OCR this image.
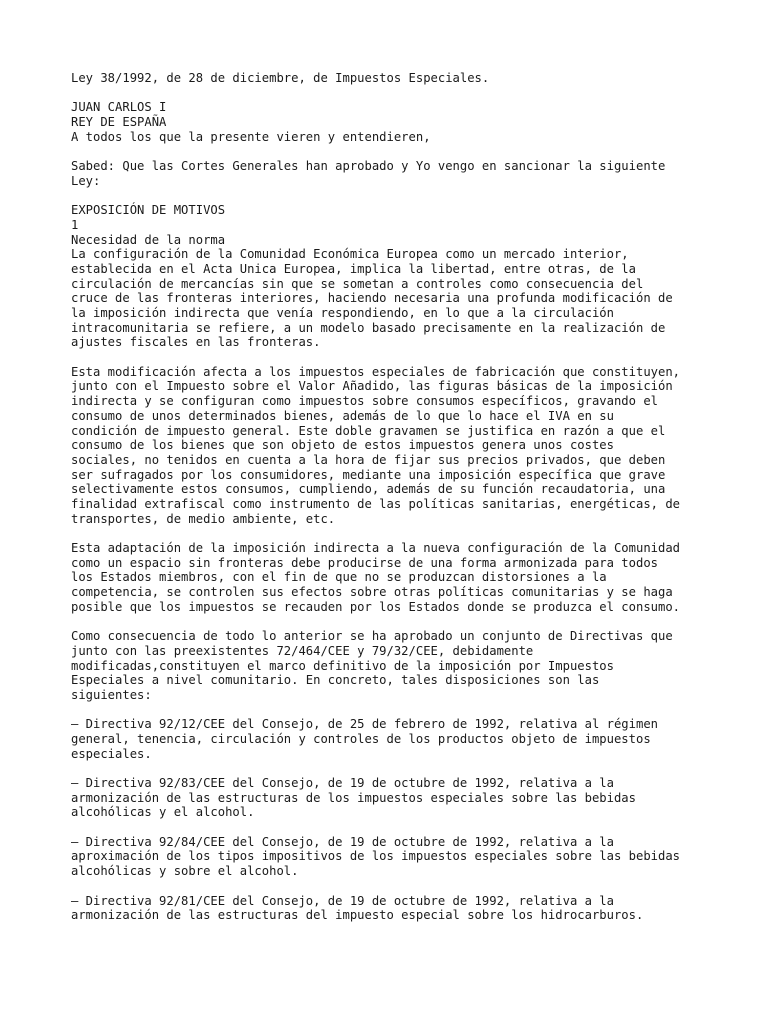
Ley 38/1992, de 28 de diciembre, de Impuestos Especiales.
JUAN CARLOS I
REY DE ESPAÑA
A todos los que la presente vieren y entendieren,
Sabed: Que las Cortes Generales han aprobado y Yo vengo en sancionar la siguiente
Ley:
EXPOSICIÓN DE MOTIVOS
1
Necesidad de la norma
La configuración de la Comunidad Económica Europea como un mercado interior,
establecida en el Acta Unica Europea, implica la libertad, entre otras, de la
circulación de mercancías sin que se sometan a controles como consecuencia del
cruce de las fronteras interiores, haciendo necesaria una profunda modificación de
la imposición indirecta que venía respondiendo, en lo que a la circulación
intracomunitaria se refiere, a un modelo basado precisamente en la realización de
ajustes fiscales en las fronteras.
Esta modificación afecta a los impuestos especiales de fabricación que constituyen,
junto con el Impuesto sobre el Valor Añadido, las figuras básicas de la imposición
indirecta y se configuran como impuestos sobre consumos específicos, gravando el
consumo de unos determinados bienes, además de lo que lo hace el IVA en su
condición de impuesto general. Este doble gravamen se justifica en razón a que el
consumo de los bienes que son objeto de estos impuestos genera unos costes
sociales, no tenidos en cuenta a la hora de fijar sus precios privados, que deben
ser sufragados por los consumidores, mediante una imposición específica que grave
selectivamente estos consumos, cumpliendo, además de su función recaudatoria, una
finalidad extrafiscal como instrumento de las políticas sanitarias, energéticas, de
transportes, de medio ambiente, etc.
Esta adaptación de la imposición indirecta a la nueva configuración de la Comunidad
como un espacio sin fronteras debe producirse de una forma armonizada para todos
los Estados miembros, con el fin de que no se produzcan distorsiones a la
competencia, se controlen sus efectos sobre otras políticas comunitarias y se haga
posible que los impuestos se recauden por los Estados donde se produzca el consumo.
Como consecuencia de todo lo anterior se ha aprobado un conjunto de Directivas que
junto con las preexistentes 72/464/CEE y 79/32/CEE, debidamente
modificadas,constituyen el marco definitivo de la imposición por Impuestos
Especiales a nivel comunitario. En concreto, tales disposiciones son las
siguientes:
– Directiva 92/12/CEE del Consejo, de 25 de febrero de 1992, relativa al régimen
general, tenencia, circulación y controles de los productos objeto de impuestos
especiales.
– Directiva 92/83/CEE del Consejo, de 19 de octubre de 1992, relativa a la
armonización de las estructuras de los impuestos especiales sobre las bebidas
alcohólicas y el alcohol.
– Directiva 92/84/CEE del Consejo, de 19 de octubre de 1992, relativa a la
aproximación de los tipos impositivos de los impuestos especiales sobre las bebidas
alcohólicas y sobre el alcohol.
– Directiva 92/81/CEE del Consejo, de 19 de octubre de 1992, relativa a la
armonización de las estructuras del impuesto especial sobre los hidrocarburos.
